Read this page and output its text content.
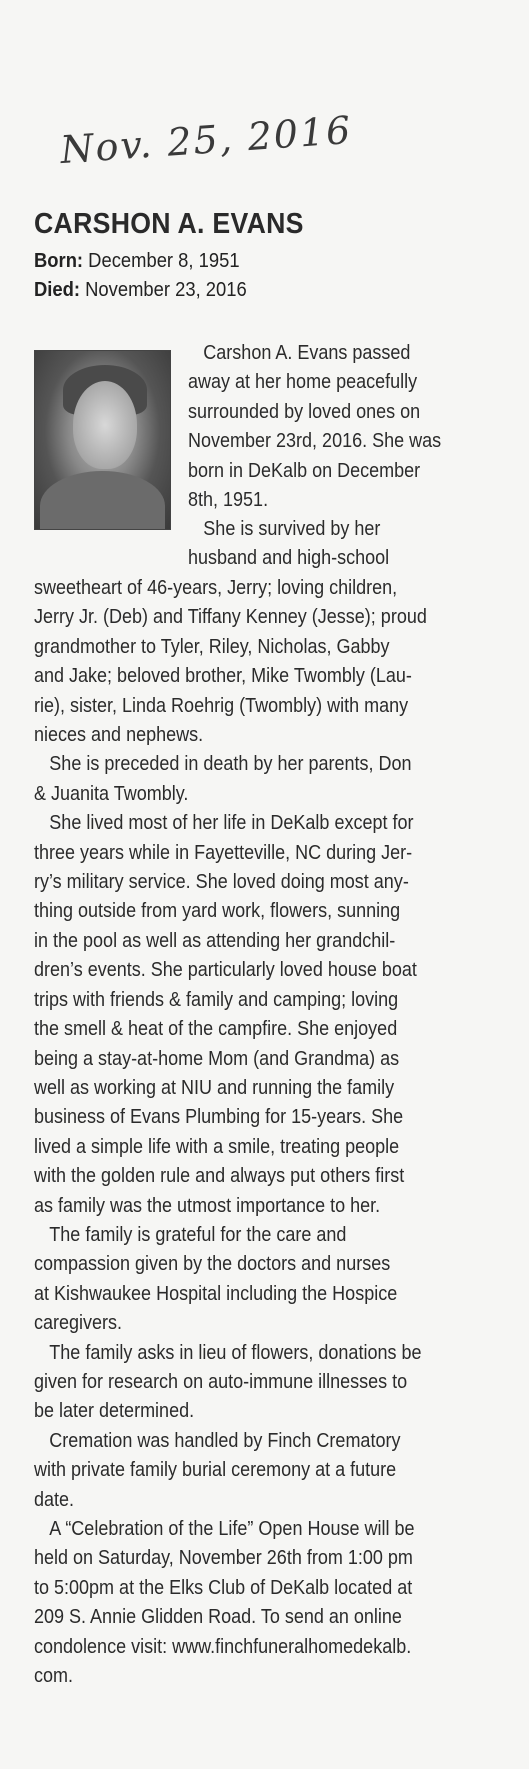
Nov. 25, 2016
CARSHON A. EVANS
Born: December 8, 1951
Died: November 23, 2016
Carshon A. Evans passed
away at her home peacefully
surrounded by loved ones on
November 23rd, 2016. She was
born in DeKalb on December
8th, 1951.
She is survived by her
husband and high-school
sweetheart of 46-years, Jerry; loving children,
Jerry Jr. (Deb) and Tiffany Kenney (Jesse); proud
grandmother to Tyler, Riley, Nicholas, Gabby
and Jake; beloved brother, Mike Twombly (Lau-
rie), sister, Linda Roehrig (Twombly) with many
nieces and nephews.
She is preceded in death by her parents, Don
& Juanita Twombly.
She lived most of her life in DeKalb except for
three years while in Fayetteville, NC during Jer-
ry’s military service. She loved doing most any-
thing outside from yard work, flowers, sunning
in the pool as well as attending her grandchil-
dren’s events. She particularly loved house boat
trips with friends & family and camping; loving
the smell & heat of the campfire. She enjoyed
being a stay-at-home Mom (and Grandma) as
well as working at NIU and running the family
business of Evans Plumbing for 15-years. She
lived a simple life with a smile, treating people
with the golden rule and always put others first
as family was the utmost importance to her.
The family is grateful for the care and
compassion given by the doctors and nurses
at Kishwaukee Hospital including the Hospice
caregivers.
The family asks in lieu of flowers, donations be
given for research on auto-immune illnesses to
be later determined.
Cremation was handled by Finch Crematory
with private family burial ceremony at a future
date.
A “Celebration of the Life” Open House will be
held on Saturday, November 26th from 1:00 pm
to 5:00pm at the Elks Club of DeKalb located at
209 S. Annie Glidden Road. To send an online
condolence visit: www.finchfuneralhomedekalb.
com.
